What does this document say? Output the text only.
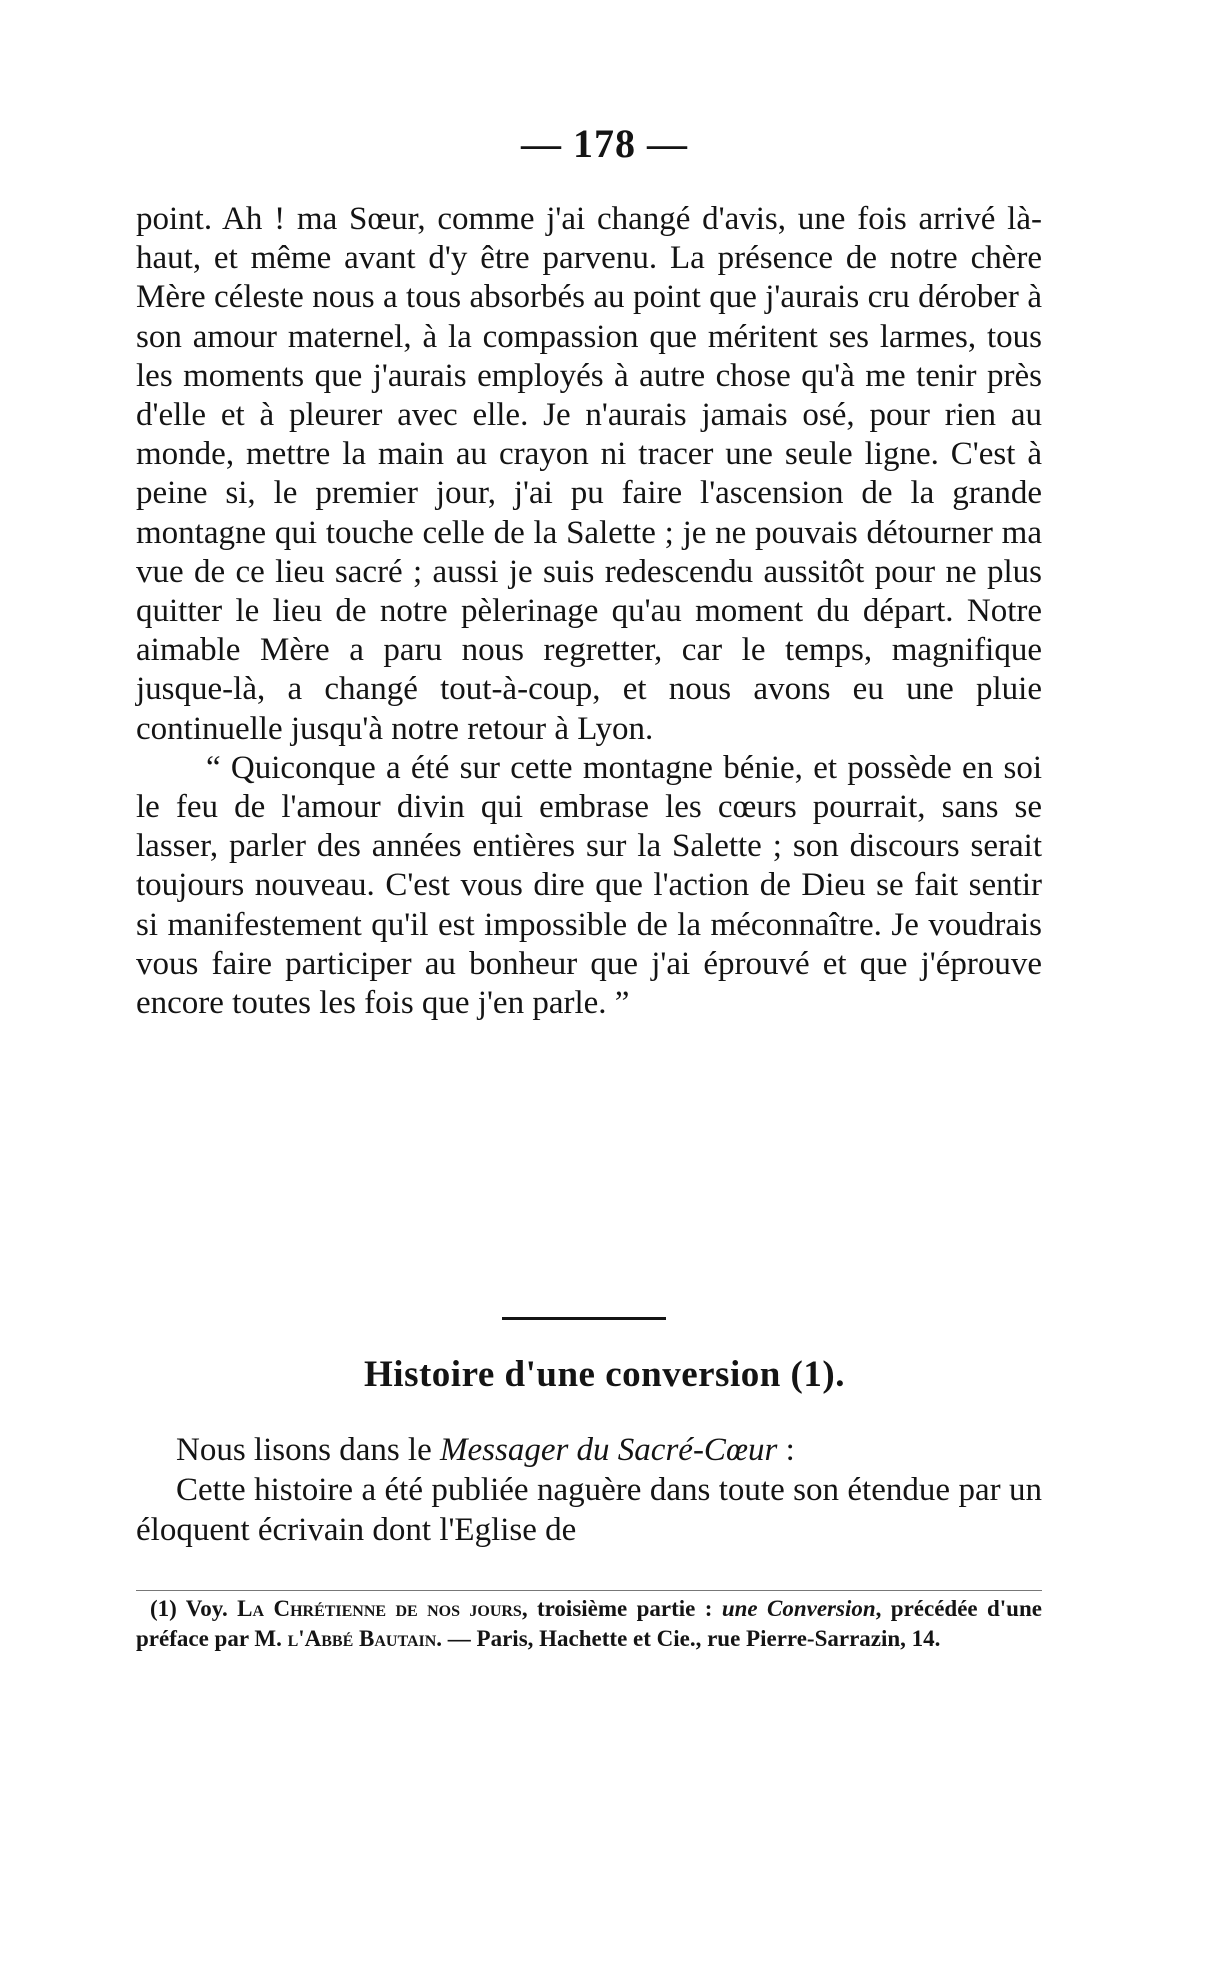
— 178 —

point. Ah ! ma Sœur, comme j'ai changé d'avis, une fois arrivé là-haut, et même avant d'y être parvenu. La présence de notre chère Mère céleste nous a tous absorbés au point que j'aurais cru dérober à son amour maternel, à la compassion que méritent ses larmes, tous les moments que j'aurais employés à autre chose qu'à me tenir près d'elle et à pleurer avec elle. Je n'aurais jamais osé, pour rien au monde, mettre la main au crayon ni tracer une seule ligne. C'est à peine si, le premier jour, j'ai pu faire l'ascension de la grande montagne qui touche celle de la Salette ; je ne pouvais détourner ma vue de ce lieu sacré ; aussi je suis redescendu aussitôt pour ne plus quitter le lieu de notre pèlerinage qu'au moment du départ. Notre aimable Mère a paru nous regretter, car le temps, magnifique jusque-là, a changé tout-à-coup, et nous avons eu une pluie continuelle jusqu'à notre retour à Lyon.

“ Quiconque a été sur cette montagne bénie, et possède en soi le feu de l'amour divin qui embrase les cœurs pourrait, sans se lasser, parler des années entières sur la Salette ; son discours serait toujours nouveau. C'est vous dire que l'action de Dieu se fait sentir si manifestement qu'il est impossible de la méconnaître. Je voudrais vous faire participer au bonheur que j'ai éprouvé et que j'éprouve encore toutes les fois que j'en parle. ”

Histoire d'une conversion (1).

Nous lisons dans le Messager du Sacré-Cœur :

Cette histoire a été publiée naguère dans toute son étendue par un éloquent écrivain dont l'Eglise de

(1) Voy. La Chrétienne de nos jours, troisième partie : une Conversion, précédée d'une préface par M. l'Abbé Bautain. — Paris, Hachette et Cie., rue Pierre-Sarrazin, 14.
